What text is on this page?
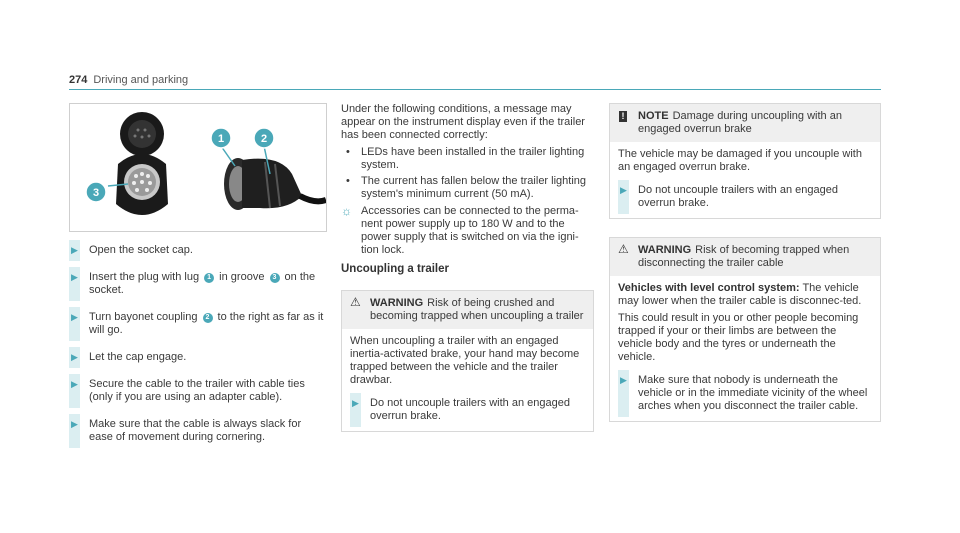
274 Driving and parking
1	2
3
▶ Open the socket cap.
▶ Insert the plug with lug 1 in groove 3 on the socket.
▶ Turn bayonet coupling 2 to the right as far as it will go.
▶ Let the cap engage.
▶ Secure the cable to the trailer with cable ties (only if you are using an adapter cable).
▶ Make sure that the cable is always slack for ease of movement during cornering.

Under the following conditions, a message may appear on the instrument display even if the trailer has been connected correctly:

• LEDs have been installed in the trailer lighting system.
• The current has fallen below the trailer lighting system's minimum current (50 mA).
☼ Accessories can be connected to the perma-nent power supply up to 180 W and to the power supply that is switched on via the igni-tion lock.
Uncoupling a trailer
⚠ WARNING Risk of being crushed and becoming trapped when uncoupling a trailer

When uncoupling a trailer with an engaged inertia-activated brake, your hand may become trapped between the vehicle and the trailer drawbar.

▶ Do not uncouple trailers with an engaged overrun brake.
! NOTE Damage during uncoupling with an engaged overrun brake

The vehicle may be damaged if you uncouple with an engaged overrun brake.

▶ Do not uncouple trailers with an engaged overrun brake.
⚠ WARNING Risk of becoming trapped when disconnecting the trailer cable

Vehicles with level control system: The vehicle may lower when the trailer cable is disconnec-ted.

This could result in you or other people becoming trapped if your or their limbs are between the vehicle body and the tyres or underneath the vehicle.

▶ Make sure that nobody is underneath the vehicle or in the immediate vicinity of the wheel arches when you disconnect the trailer cable.
